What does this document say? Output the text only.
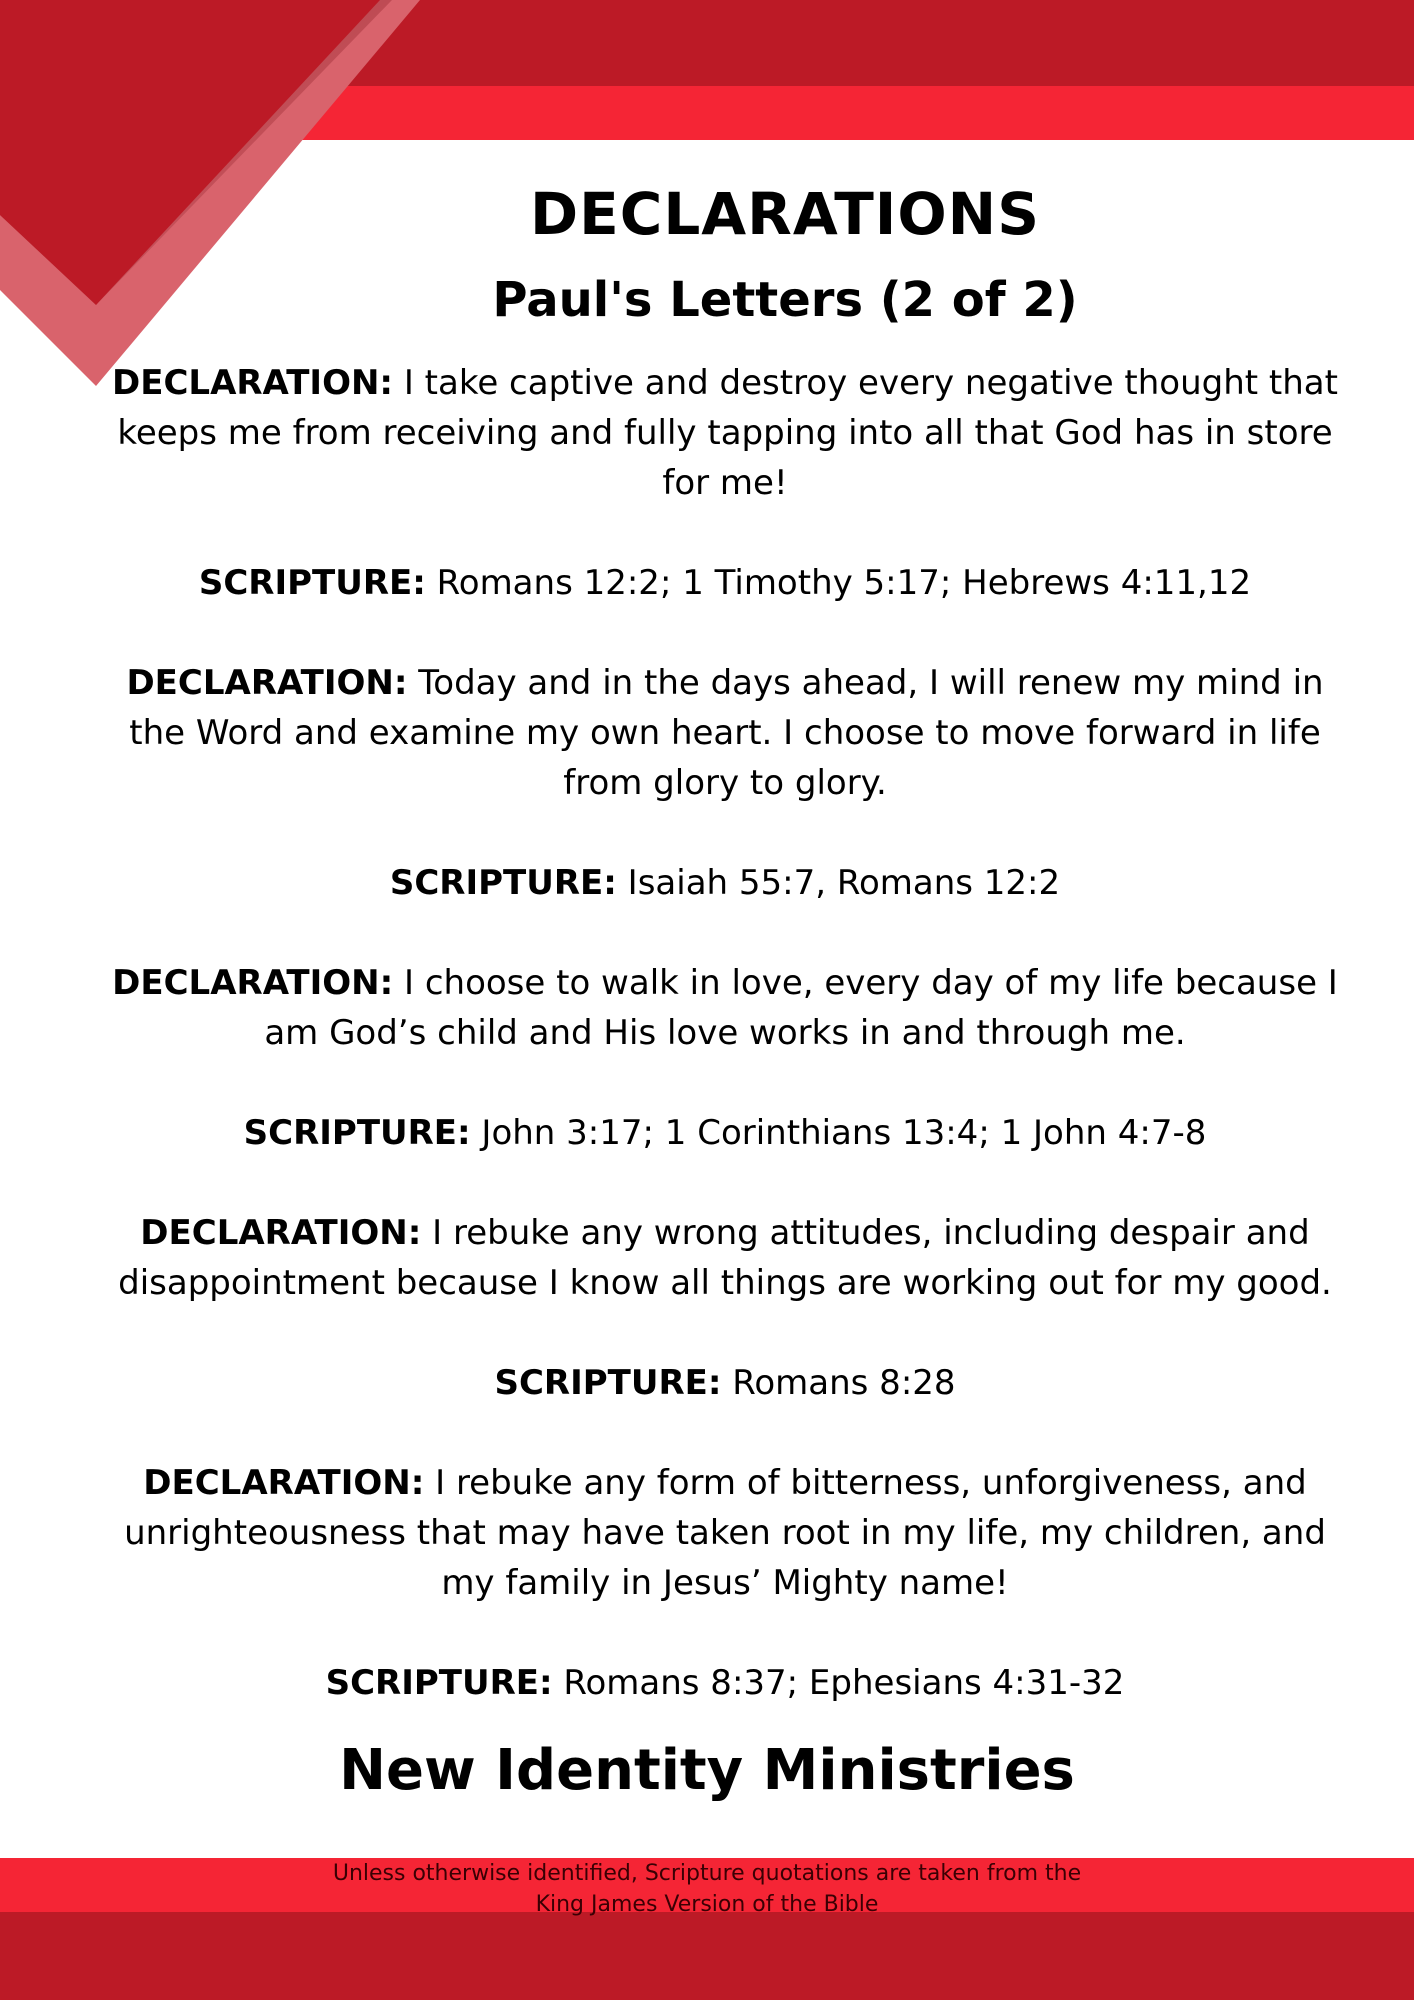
DECLARATIONS
Paul's Letters (2 of 2)

DECLARATION: I take captive and destroy every negative thought that keeps me from receiving and fully tapping into all that God has in store for me!

SCRIPTURE: Romans 12:2; 1 Timothy 5:17; Hebrews 4:11,12

DECLARATION: Today and in the days ahead, I will renew my mind in the Word and examine my own heart. I choose to move forward in life from glory to glory.

SCRIPTURE: Isaiah 55:7, Romans 12:2

DECLARATION: I choose to walk in love, every day of my life because I am God’s child and His love works in and through me.

SCRIPTURE: John 3:17; 1 Corinthians 13:4; 1 John 4:7-8

DECLARATION: I rebuke any wrong attitudes, including despair and disappointment because I know all things are working out for my good.

SCRIPTURE: Romans 8:28

DECLARATION: I rebuke any form of bitterness, unforgiveness, and unrighteousness that may have taken root in my life, my children, and my family in Jesus’ Mighty name!

SCRIPTURE: Romans 8:37; Ephesians 4:31-32

New Identity Ministries
Unless otherwise identified, Scripture quotations are taken from the
King James Version of the Bible
